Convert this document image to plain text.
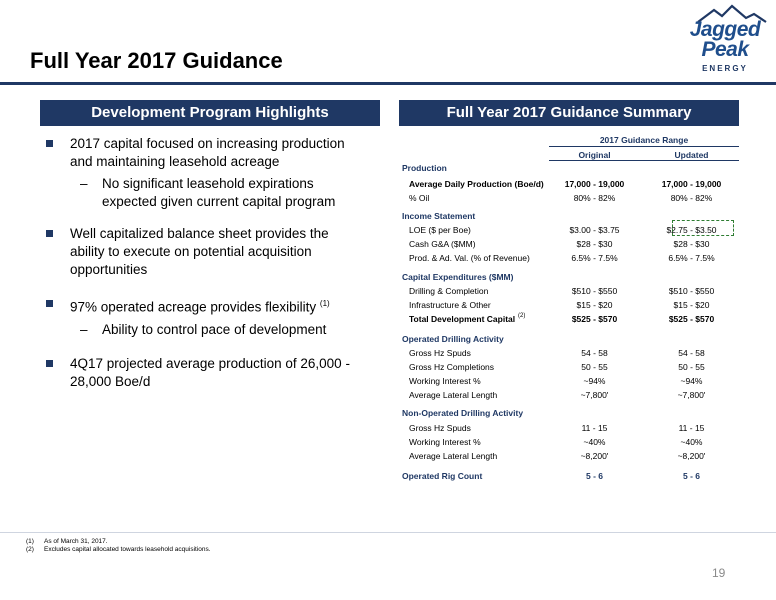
Full Year 2017 Guidance
Jagged
Peak
ENERGY
Development Program Highlights	Full Year 2017 Guidance Summary
2017 capital focused on increasing production and maintaining leasehold acreage
– No significant leasehold expirations expected given current capital program
Well capitalized balance sheet provides the ability to execute on potential acquisition opportunities
97% operated acreage provides flexibility $^{(1)}$
– Ability to control pace of development
4Q17 projected average production of 26,000 - 28,000 Boe/d
2017 Guidance Range
Original	Updated
Production
Average Daily Production (Boe/d)	17,000 - 19,000	17,000 - 19,000
% Oil	80% - 82%	80% - 82%
Income Statement
LOE ($ per Boe)	$3.00 - $3.75	$2.75 - $3.50
Cash G&A ($MM)	$28 - $30	$28 - $30
Prod. & Ad. Val. (% of Revenue)	6.5% - 7.5%	6.5% - 7.5%
Capital Expenditures ($MM)
Drilling & Completion	$510 - $550	$510 - $550
Infrastructure & Other	$15 - $20	$15 - $20
Total Development Capital (2)	$525 - $570	$525 - $570
Operated Drilling Activity
Gross Hz Spuds	54 - 58	54 - 58
Gross Hz Completions	50 - 55	50 - 55
Working Interest %	~94%	~94%
Average Lateral Length	~7,800'	~7,800'
Non-Operated Drilling Activity
Gross Hz Spuds	11 - 15	11 - 15
Working Interest %	~40%	~40%
Average Lateral Length	~8,200'	~8,200'
Operated Rig Count	5 - 6	5 - 6
(1) As of March 31, 2017.
(2) Excludes capital allocated towards leasehold acquisitions.
19
